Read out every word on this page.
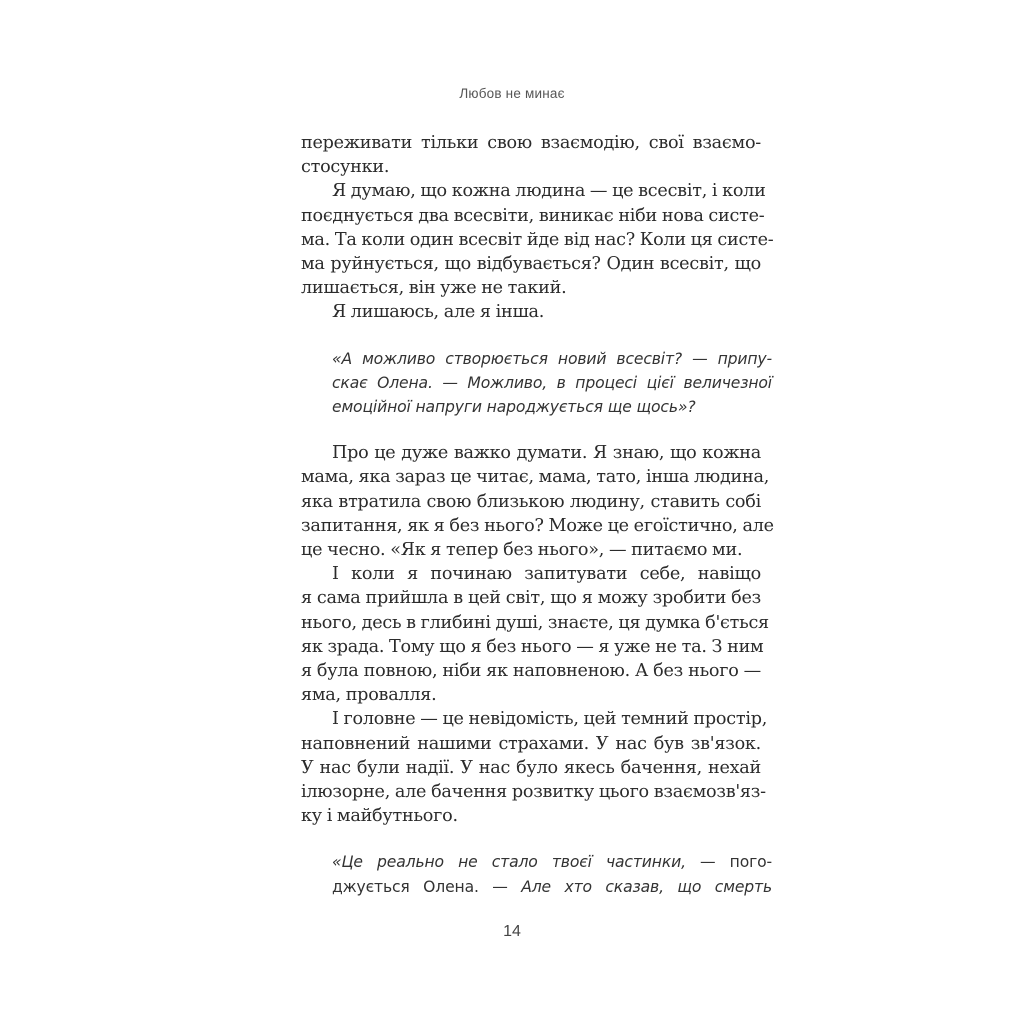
Любов не минає

переживати тільки свою взаємодію, свої взаємо-
стосунки.

Я думаю, що кожна людина — це всесвіт, і коли
поєднується два всесвіти, виникає ніби нова систе-
ма. Та коли один всесвіт йде від нас? Коли ця систе-
ма руйнується, що відбувається? Один всесвіт, що
лишається, він уже не такий.

Я лишаюсь, але я інша.

«А можливо створюється новий всесвіт? — припу-
скає Олена. — Можливо, в процесі цієї величезної
емоційної напруги народжується ще щось»?

Про це дуже важко думати. Я знаю, що кожна
мама, яка зараз це читає, мама, тато, інша людина,
яка втратила свою близькою людину, ставить собі
запитання, як я без нього? Може це егоїстично, але
це чесно. «Як я тепер без нього», — питаємо ми.

І коли я починаю запитувати себе, навіщо
я сама прийшла в цей світ, що я можу зробити без
нього, десь в глибині душі, знаєте, ця думка б'ється
як зрада. Тому що я без нього — я уже не та. З ним
я була повною, ніби як наповненою. А без нього —
яма, провалля.

І головне — це невідомість, цей темний простір,
наповнений нашими страхами. У нас був зв'язок.
У нас були надії. У нас було якесь бачення, нехай
ілюзорне, але бачення розвитку цього взаємозв'яз-
ку і майбутнього.

«Це реально не стало твоєї частинки, — пого-
джується Олена. — Але хто сказав, що смерть
14
